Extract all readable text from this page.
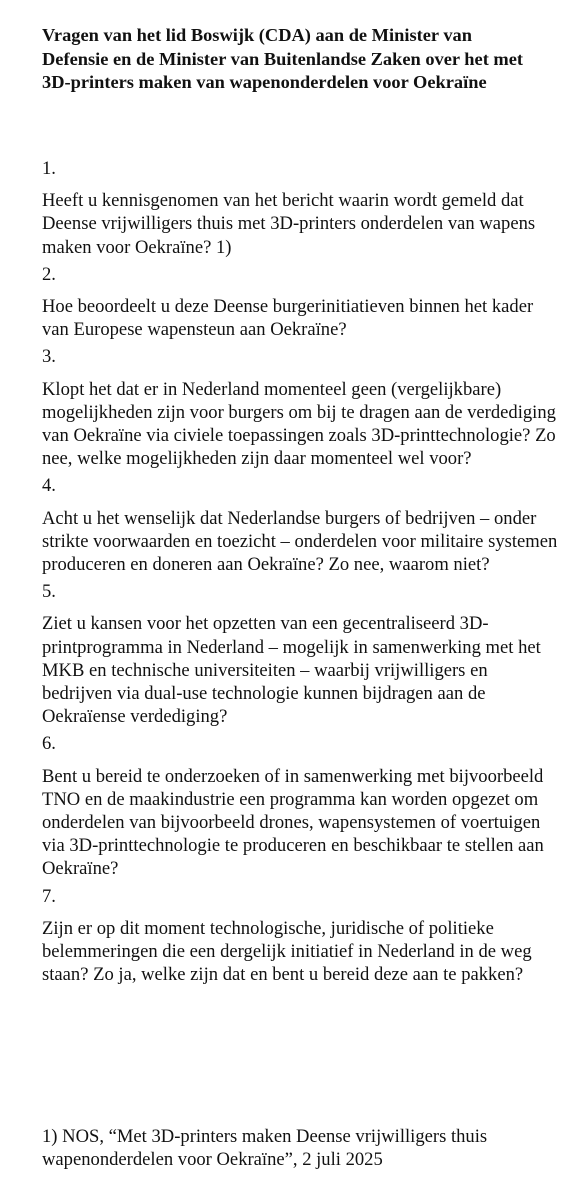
Vragen van het lid Boswijk (CDA) aan de Minister van Defensie en de Minister van Buitenlandse Zaken over het met 3D-printers maken van wapenonderdelen voor Oekraïne
1.
Heeft u kennisgenomen van het bericht waarin wordt gemeld dat Deense vrijwilligers thuis met 3D-printers onderdelen van wapens maken voor Oekraïne? 1)
2.
Hoe beoordeelt u deze Deense burgerinitiatieven binnen het kader van Europese wapensteun aan Oekraïne?
3.
Klopt het dat er in Nederland momenteel geen (vergelijkbare) mogelijkheden zijn voor burgers om bij te dragen aan de verdediging van Oekraïne via civiele toepassingen zoals 3D-printtechnologie? Zo nee, welke mogelijkheden zijn daar momenteel wel voor?
4.
Acht u het wenselijk dat Nederlandse burgers of bedrijven – onder strikte voorwaarden en toezicht – onderdelen voor militaire systemen produceren en doneren aan Oekraïne? Zo nee, waarom niet?
5.
Ziet u kansen voor het opzetten van een gecentraliseerd 3D-printprogramma in Nederland – mogelijk in samenwerking met het MKB en technische universiteiten – waarbij vrijwilligers en bedrijven via dual-use technologie kunnen bijdragen aan de Oekraïense verdediging?
6.
Bent u bereid te onderzoeken of in samenwerking met bijvoorbeeld TNO en de maakindustrie een programma kan worden opgezet om onderdelen van bijvoorbeeld drones, wapensystemen of voertuigen via 3D-printtechnologie te produceren en beschikbaar te stellen aan Oekraïne?
7.
Zijn er op dit moment technologische, juridische of politieke belemmeringen die een dergelijk initiatief in Nederland in de weg staan? Zo ja, welke zijn dat en bent u bereid deze aan te pakken?
1) NOS, “Met 3D-printers maken Deense vrijwilligers thuis wapenonderdelen voor Oekraïne”, 2 juli 2025
